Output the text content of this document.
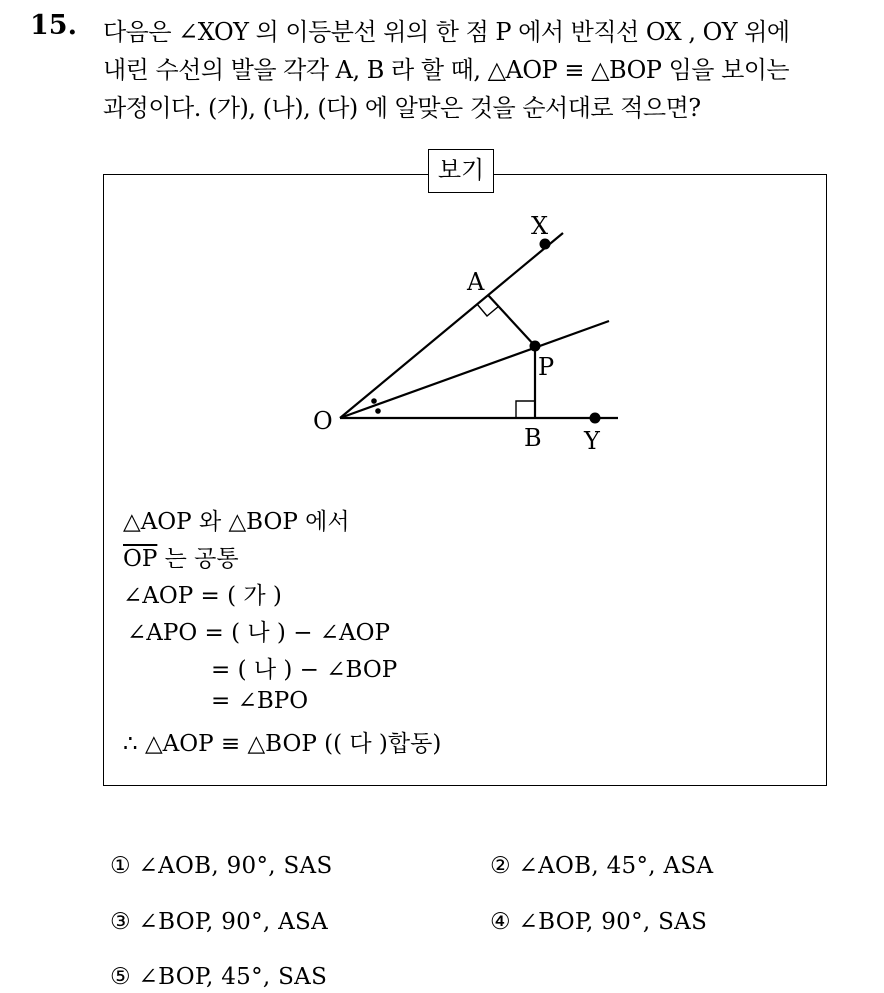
15. 다음은 ∠XOY 의 이등분선 위의 한 점 P 에서 반직선 OX , OY 위에
내린 수선의 발을 각각 A, B 라 할 때, △AOP ≡ △BOP 임을 보이는
과정이다. (가), (나), (다) 에 알맞은 것을 순서대로 적으면?
보기
X
A
P
O
B Y
△AOP 와 △BOP 에서
$\overline{OP}$ 는 공통
∠AOP = ( 가 )
∠APO = ( 나 ) − ∠AOP
= ( 나 ) − ∠BOP
= ∠BPO
∴ △AOP ≡ △BOP (( 다 )합동)
① ∠AOB, 90°, SAS	② ∠AOB, 45°, ASA
③ ∠BOP, 90°, ASA	④ ∠BOP, 90°, SAS
⑤ ∠BOP, 45°, SAS
